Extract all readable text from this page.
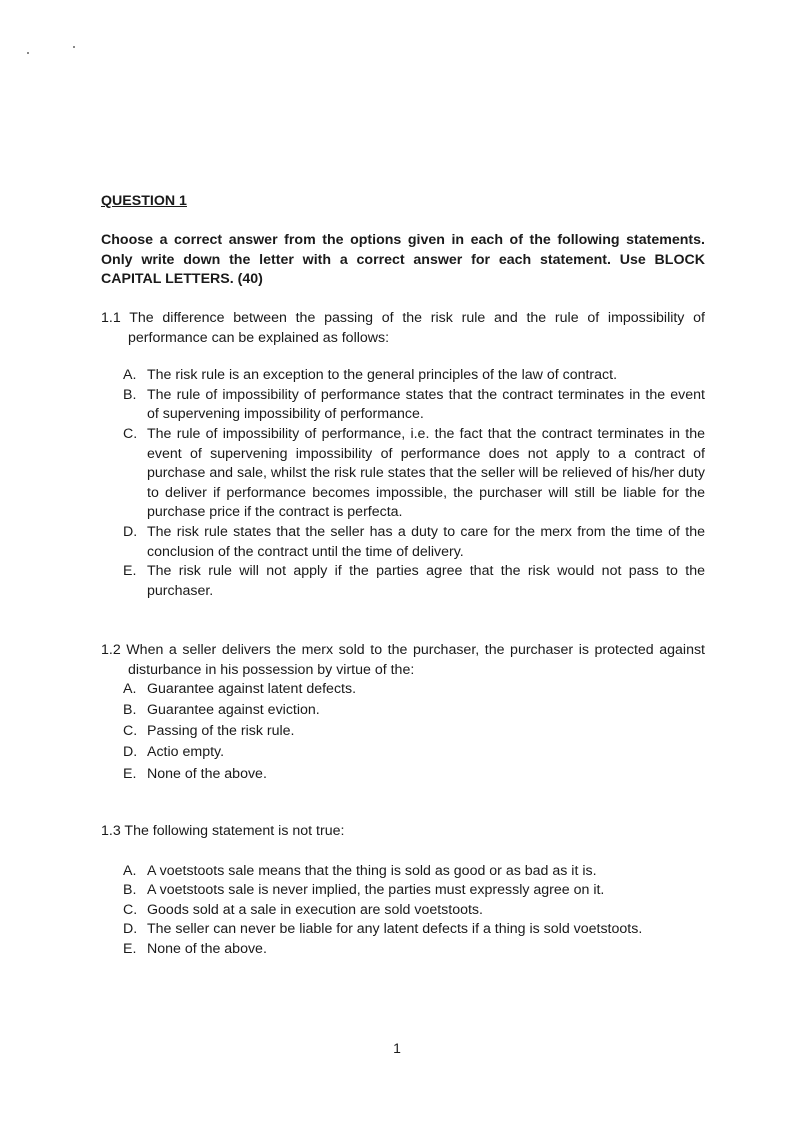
QUESTION 1
Choose a correct answer from the options given in each of the following statements. Only write down the letter with a correct answer for each statement. Use BLOCK CAPITAL LETTERS. (40)
1.1 The difference between the passing of the risk rule and the rule of impossibility of performance can be explained as follows:
A. The risk rule is an exception to the general principles of the law of contract.
B. The rule of impossibility of performance states that the contract terminates in the event of supervening impossibility of performance.
C. The rule of impossibility of performance, i.e. the fact that the contract terminates in the event of supervening impossibility of performance does not apply to a contract of purchase and sale, whilst the risk rule states that the seller will be relieved of his/her duty to deliver if performance becomes impossible, the purchaser will still be liable for the purchase price if the contract is perfecta.
D. The risk rule states that the seller has a duty to care for the merx from the time of the conclusion of the contract until the time of delivery.
E. The risk rule will not apply if the parties agree that the risk would not pass to the purchaser.
1.2 When a seller delivers the merx sold to the purchaser, the purchaser is protected against disturbance in his possession by virtue of the:
A. Guarantee against latent defects.
B. Guarantee against eviction.
C. Passing of the risk rule.
D. Actio empty.
E. None of the above.
1.3 The following statement is not true:
A. A voetstoots sale means that the thing is sold as good or as bad as it is.
B. A voetstoots sale is never implied, the parties must expressly agree on it.
C. Goods sold at a sale in execution are sold voetstoots.
D. The seller can never be liable for any latent defects if a thing is sold voetstoots.
E. None of the above.
1
